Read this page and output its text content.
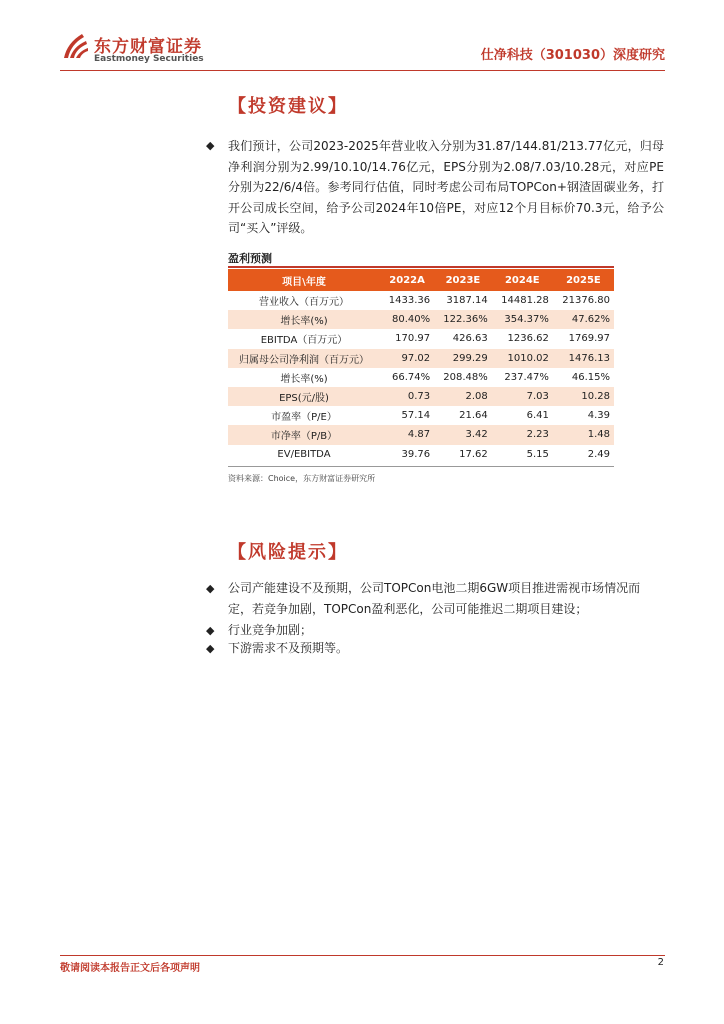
东方财富证券
Eastmoney Securities	仕净科技（301030）深度研究
【投资建议】
◆ 我们预计，公司2023-2025年营业收入分别为31.87/144.81/213.77亿元，归母净利润分别为2.99/10.10/14.76亿元，EPS分别为2.08/7.03/10.28元，对应PE分别为22/6/4倍。参考同行估值，同时考虑公司布局TOPCon+钢渣固碳业务，打开公司成长空间，给予公司2024年10倍PE，对应12个月目标价70.3元，给予公司“买入”评级。
盈利预测
项目\年度	2022A	2023E	2024E	2025E
营业收入（百万元）	1433.36	3187.14	14481.28	21376.80
增长率(%)	80.40%	122.36%	354.37%	47.62%
EBITDA（百万元）	170.97	426.63	1236.62	1769.97
归属母公司净利润（百万元）	97.02	299.29	1010.02	1476.13
增长率(%)	66.74%	208.48%	237.47%	46.15%
EPS(元/股)	0.73	2.08	7.03	10.28
市盈率（P/E）	57.14	21.64	6.41	4.39
市净率（P/B）	4.87	3.42	2.23	1.48
EV/EBITDA	39.76	17.62	5.15	2.49
资料来源：Choice，东方财富证券研究所
【风险提示】
◆ 公司产能建设不及预期，公司TOPCon电池二期6GW项目推进需视市场情况而定，若竞争加剧，TOPCon盈利恶化，公司可能推迟二期项目建设；
◆ 行业竞争加剧；
◆ 下游需求不及预期等。
敬请阅读本报告正文后各项声明
2
